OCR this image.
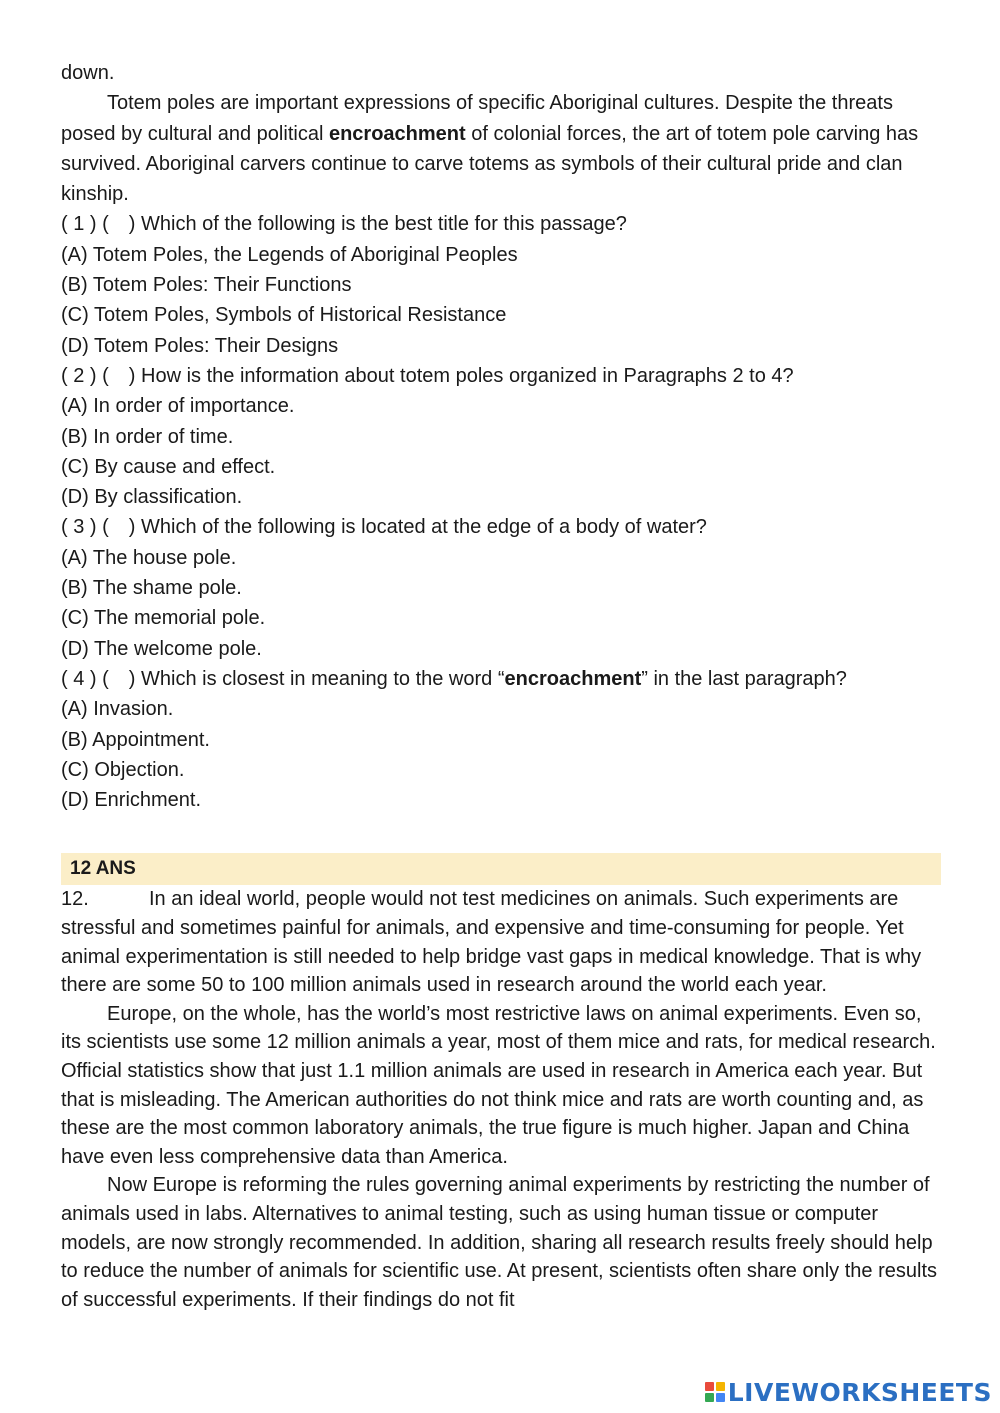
down.

Totem poles are important expressions of specific Aboriginal cultures. Despite the threats posed by cultural and political encroachment of colonial forces, the art of totem pole carving has survived. Aboriginal carvers continue to carve totems as symbols of their cultural pride and clan kinship.

( 1 ) ( ) Which of the following is the best title for this passage?

(A) Totem Poles, the Legends of Aboriginal Peoples

(B) Totem Poles: Their Functions

(C) Totem Poles, Symbols of Historical Resistance

(D) Totem Poles: Their Designs

( 2 ) ( ) How is the information about totem poles organized in Paragraphs 2 to 4?

(A) In order of importance.

(B) In order of time.

(C) By cause and effect.

(D) By classification.

( 3 ) ( ) Which of the following is located at the edge of a body of water?

(A) The house pole.

(B) The shame pole.

(C) The memorial pole.

(D) The welcome pole.

( 4 ) ( ) Which is closest in meaning to the word “encroachment” in the last paragraph?

(A) Invasion.

(B) Appointment.

(C) Objection.

(D) Enrichment.

12 ANS

12.	In an ideal world, people would not test medicines on animals. Such experiments are stressful and sometimes painful for animals, and expensive and time-consuming for people. Yet animal experimentation is still needed to help bridge vast gaps in medical knowledge. That is why there are some 50 to 100 million animals used in research around the world each year.

Europe, on the whole, has the world’s most restrictive laws on animal experiments. Even so, its scientists use some 12 million animals a year, most of them mice and rats, for medical research. Official statistics show that just 1.1 million animals are used in research in America each year. But that is misleading. The American authorities do not think mice and rats are worth counting and, as these are the most common laboratory animals, the true figure is much higher. Japan and China have even less comprehensive data than America.

Now Europe is reforming the rules governing animal experiments by restricting the number of animals used in labs. Alternatives to animal testing, such as using human tissue or computer models, are now strongly recommended. In addition, sharing all research results freely should help to reduce the number of animals for scientific use. At present, scientists often share only the results of successful experiments. If their findings do not fit

LIVEWORKSHEETS
